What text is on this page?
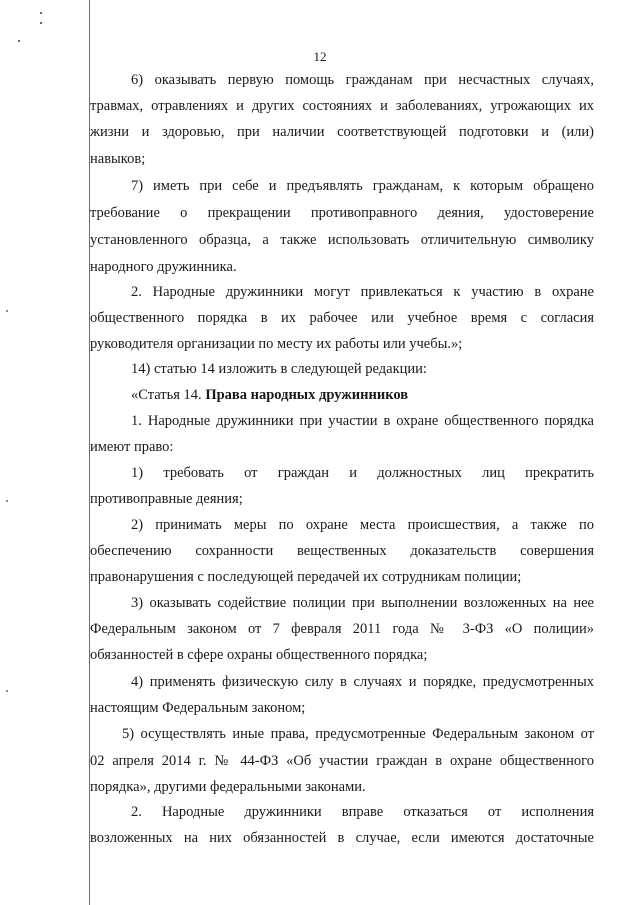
12
6) оказывать первую помощь гражданам при несчастных случаях,
травмах, отравлениях и других состояниях и заболеваниях, угрожающих их
жизни и здоровью, при наличии соответствующей подготовки и (или)
навыков;
7) иметь при себе и предъявлять гражданам, к которым обращено
требование о прекращении противоправного деяния, удостоверение
установленного образца, а также использовать отличительную символику
народного дружинника.
2. Народные дружинники могут привлекаться к участию в охране
общественного порядка в их рабочее или учебное время с согласия
руководителя организации по месту их работы или учебы.»;
14) статью 14 изложить в следующей редакции:
«Статья 14. Права народных дружинников
1. Народные дружинники при участии в охране общественного порядка
имеют право:
1) требовать от граждан и должностных лиц прекратить
противоправные деяния;
2) принимать меры по охране места происшествия, а также по
обеспечению сохранности вещественных доказательств совершения
правонарушения с последующей передачей их сотрудникам полиции;
3) оказывать содействие полиции при выполнении возложенных на нее
Федеральным законом от 7 февраля 2011 года № 3-ФЗ «О полиции»
обязанностей в сфере охраны общественного порядка;
4) применять физическую силу в случаях и порядке, предусмотренных
настоящим Федеральным законом;
5) осуществлять иные права, предусмотренные Федеральным законом от
02 апреля 2014 г. № 44-ФЗ «Об участии граждан в охране общественного
порядка», другими федеральными законами.
2. Народные дружинники вправе отказаться от исполнения
возложенных на них обязанностей в случае, если имеются достаточные
